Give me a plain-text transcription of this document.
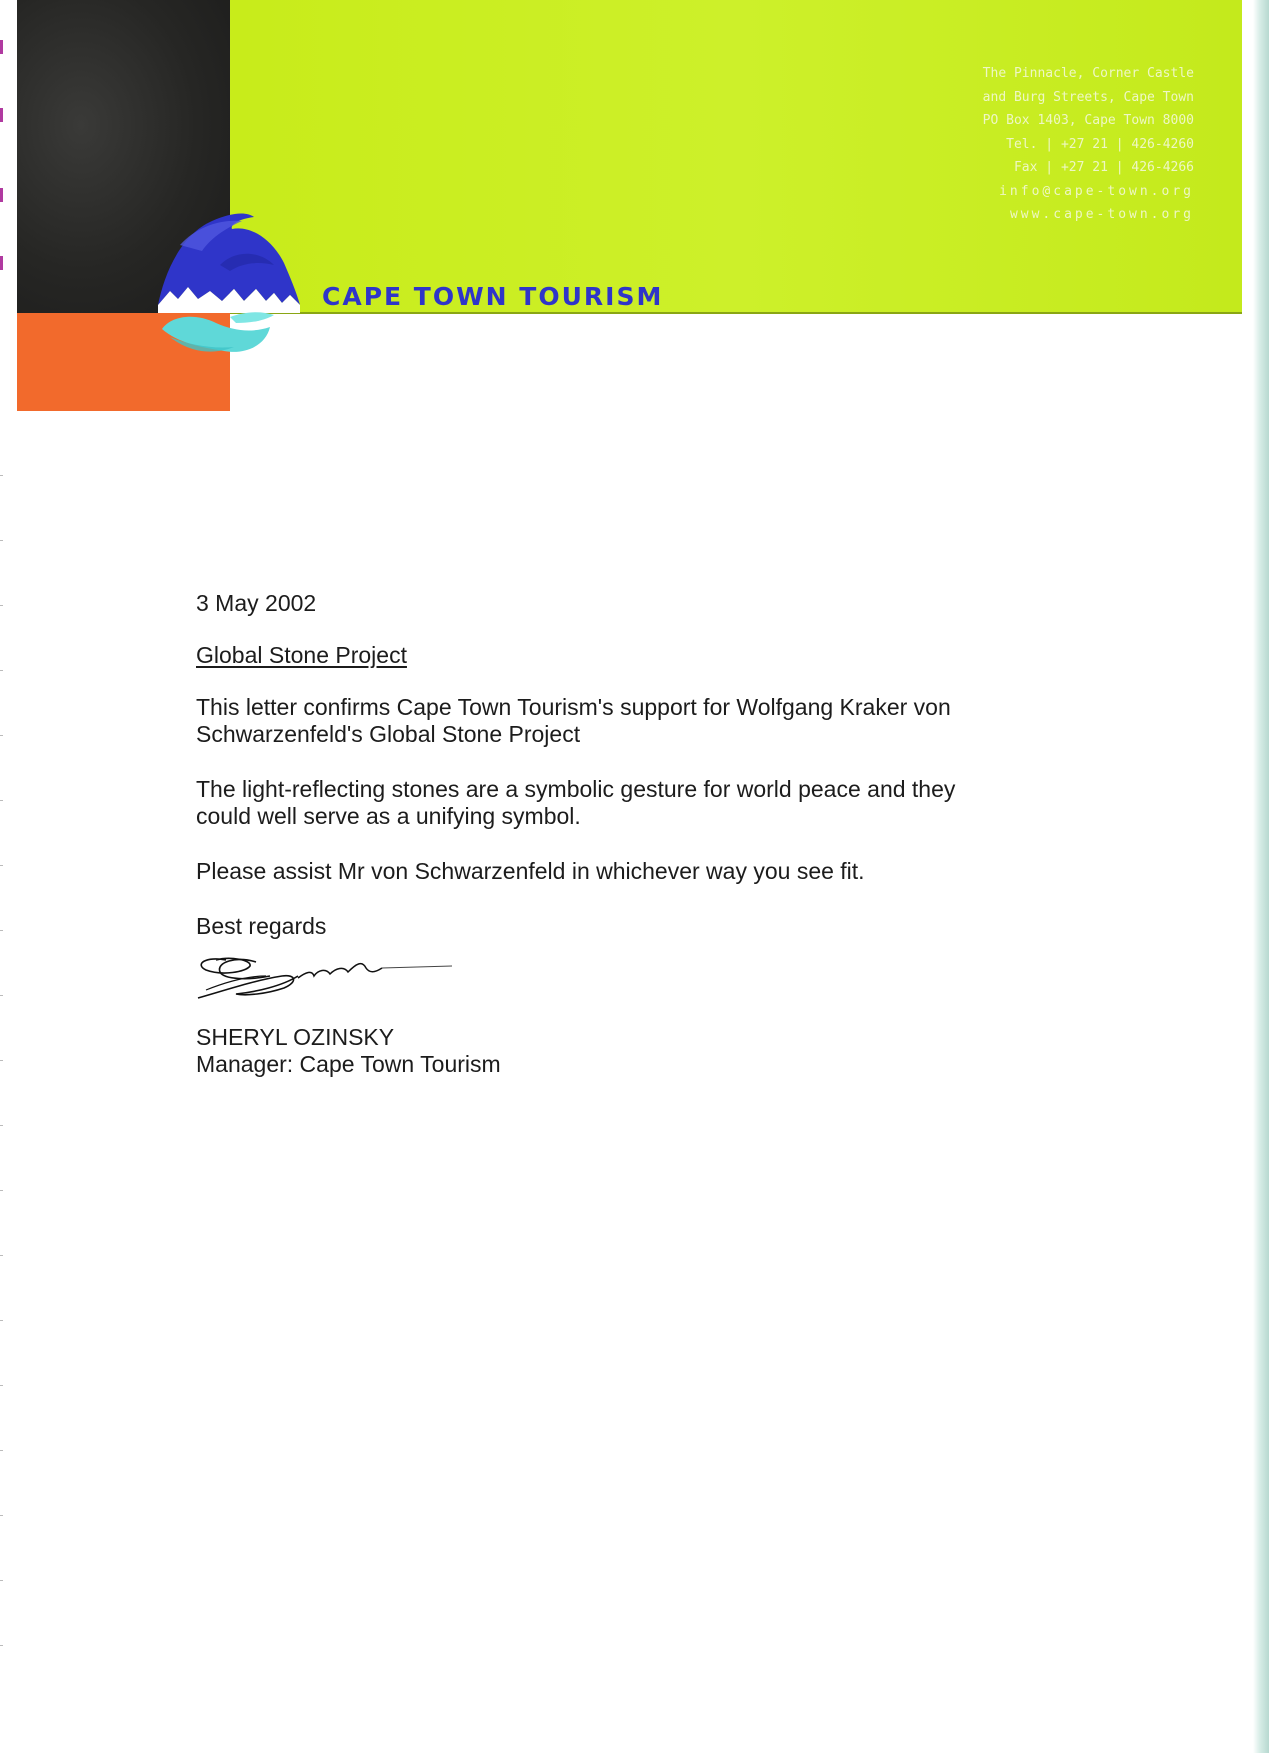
CAPE TOWN TOURISM
The Pinnacle, Corner Castle
and Burg Streets, Cape Town
PO Box 1403, Cape Town 8000
Tel. | +27 21 | 426-4260
Fax | +27 21 | 426-4266
info@cape-town.org
www.cape-town.org

3 May 2002

Global Stone Project

This letter confirms Cape Town Tourism's support for Wolfgang Kraker von
Schwarzenfeld's Global Stone Project

The light-reflecting stones are a symbolic gesture for world peace and they
could well serve as a unifying symbol.

Please assist Mr von Schwarzenfeld in whichever way you see fit.

Best regards

SHERYL OZINSKY
Manager: Cape Town Tourism
